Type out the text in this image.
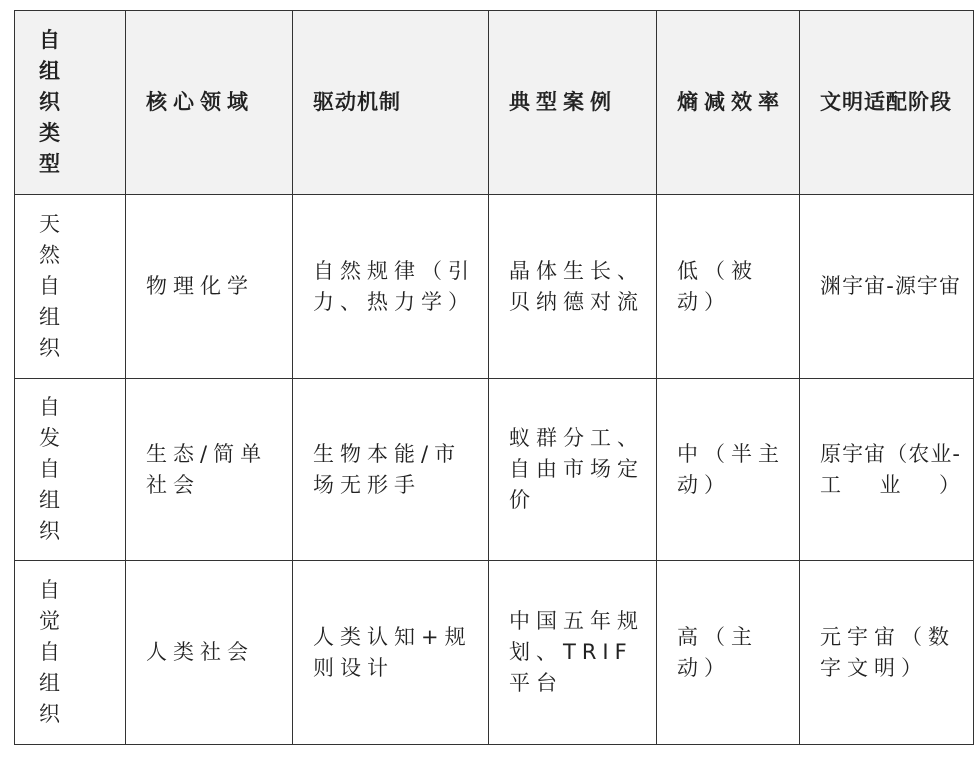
自组织类型	核心领域	驱动机制	典型案例	熵减效率	文明适配阶段

天然自组织	物理化学	自然规律（引力、热力学）	晶体生长、贝纳德对流	低（被动）	渊宇宙-源宇宙

自发自组织	生态/简单社会	生物本能/市场无形手	蚁群分工、自由市场定价	中（半主动）	原宇宙（农业-工业）

自觉自组织	人类社会	人类认知+规则设计	中国五年规划、TRIF平台	高（主动）	元宇宙（数字文明）
